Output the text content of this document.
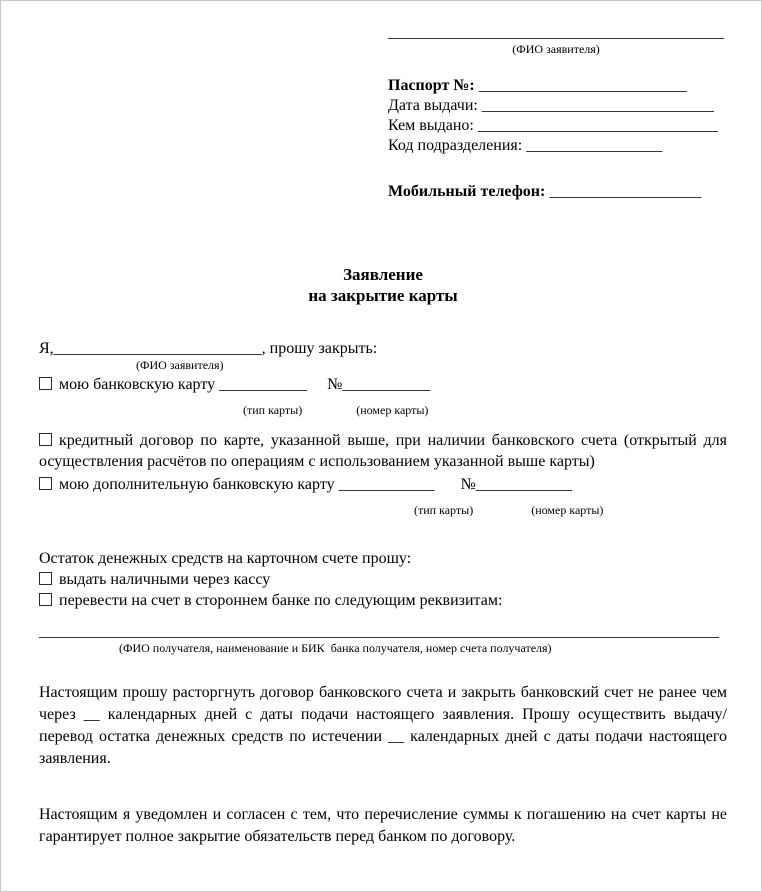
__________________________________________
(ФИО заявителя)
Паспорт №: __________________________
Дата выдачи: _____________________________
Кем выдано: ______________________________
Код подразделения: _________________
Мобильный телефон: ___________________
Заявление
на закрытие карты
Я,__________________________, прошу закрыть:
(ФИО заявителя)
мою банковскую карту ___________ №___________
(тип карты)	(номер карты)

кредитный договор по карте, указанной выше, при наличии банковского счета (открытый для осуществления расчётов по операциям с использованием указанной выше карты)

мою дополнительную банковскую карту ____________ №____________
(тип карты)	(номер карты)
Остаток денежных средств на карточном счете прошу:
выдать наличными через кассу
перевести на счет в стороннем банке по следующим реквизитам:
_____________________________________________________________________________________
(ФИО получателя, наименование и БИК  банка получателя, номер счета получателя)

Настоящим прошу расторгнуть договор банковского счета и закрыть банковский счет не ранее чем через __ календарных дней с даты подачи настоящего заявления. Прошу осуществить выдачу/перевод остатка денежных средств по истечении __ календарных дней с даты подачи настоящего заявления.

Настоящим я уведомлен и согласен с тем, что перечисление суммы к погашению на счет карты не гарантирует полное закрытие обязательств перед банком по договору.
